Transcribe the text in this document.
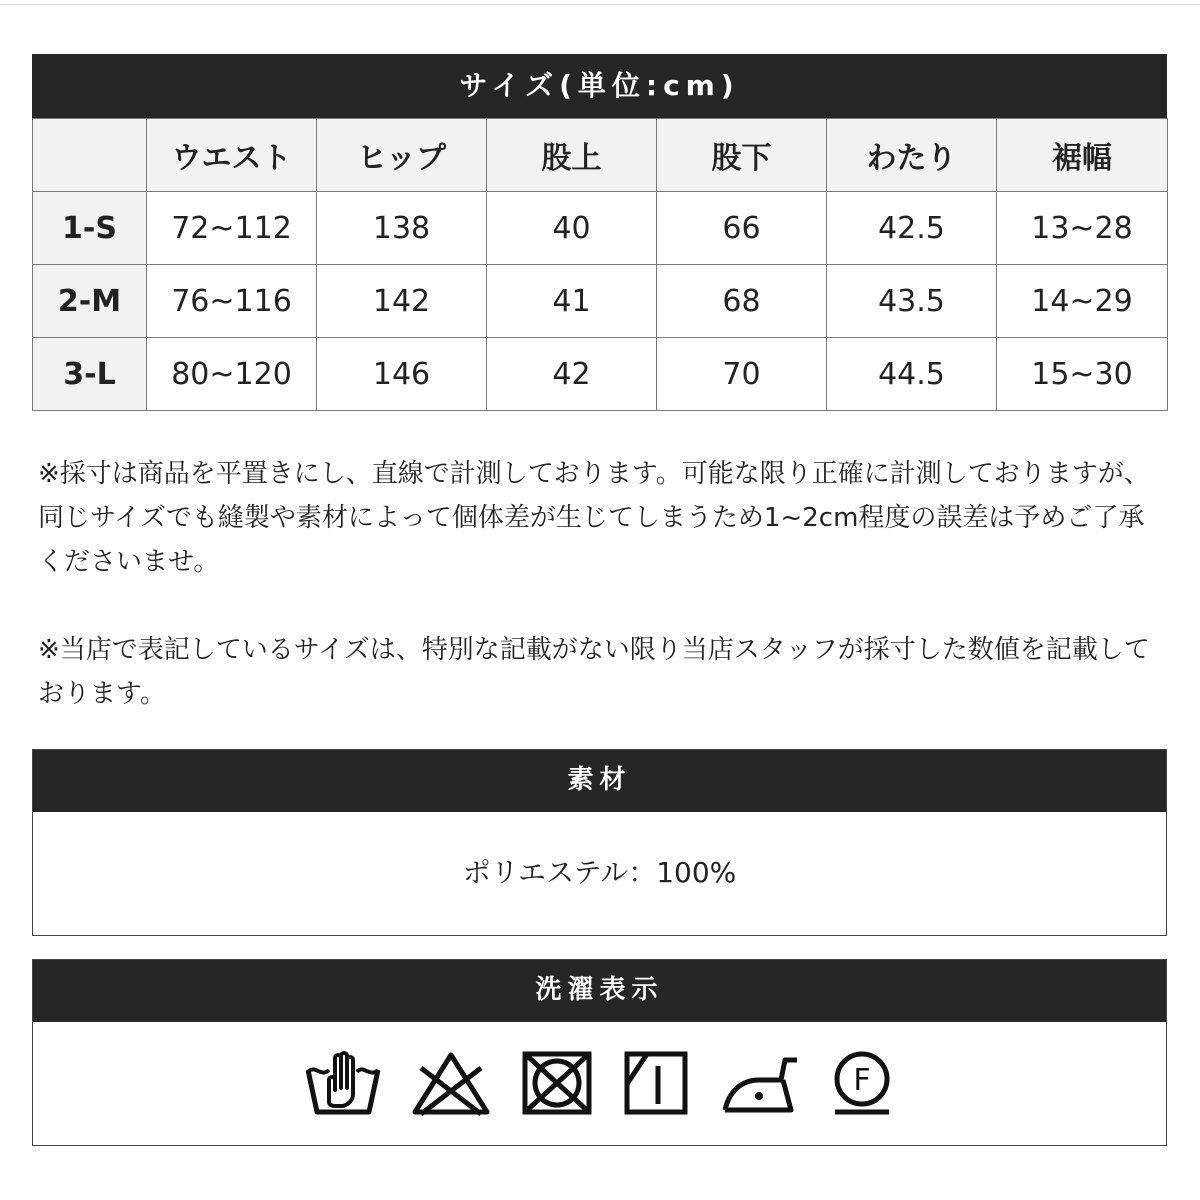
サイズ(単位:cm)
	ウエスト	ヒップ	股上	股下	わたり	裾幅
1-S	72~112	138	40	66	42.5	13~28
2-M	76~116	142	41	68	43.5	14~29
3-L	80~120	146	42	70	44.5	15~30

※採寸は商品を平置きにし、直線で計測しております。可能な限り正確に計測しておりますが、同じサイズでも縫製や素材によって個体差が生じてしまうため1~2cm程度の誤差は予めご了承くださいませ。

※当店で表記しているサイズは、特別な記載がない限り当店スタッフが採寸した数値を記載しております。

素材
ポリエステル：100%
洗濯表示
F
